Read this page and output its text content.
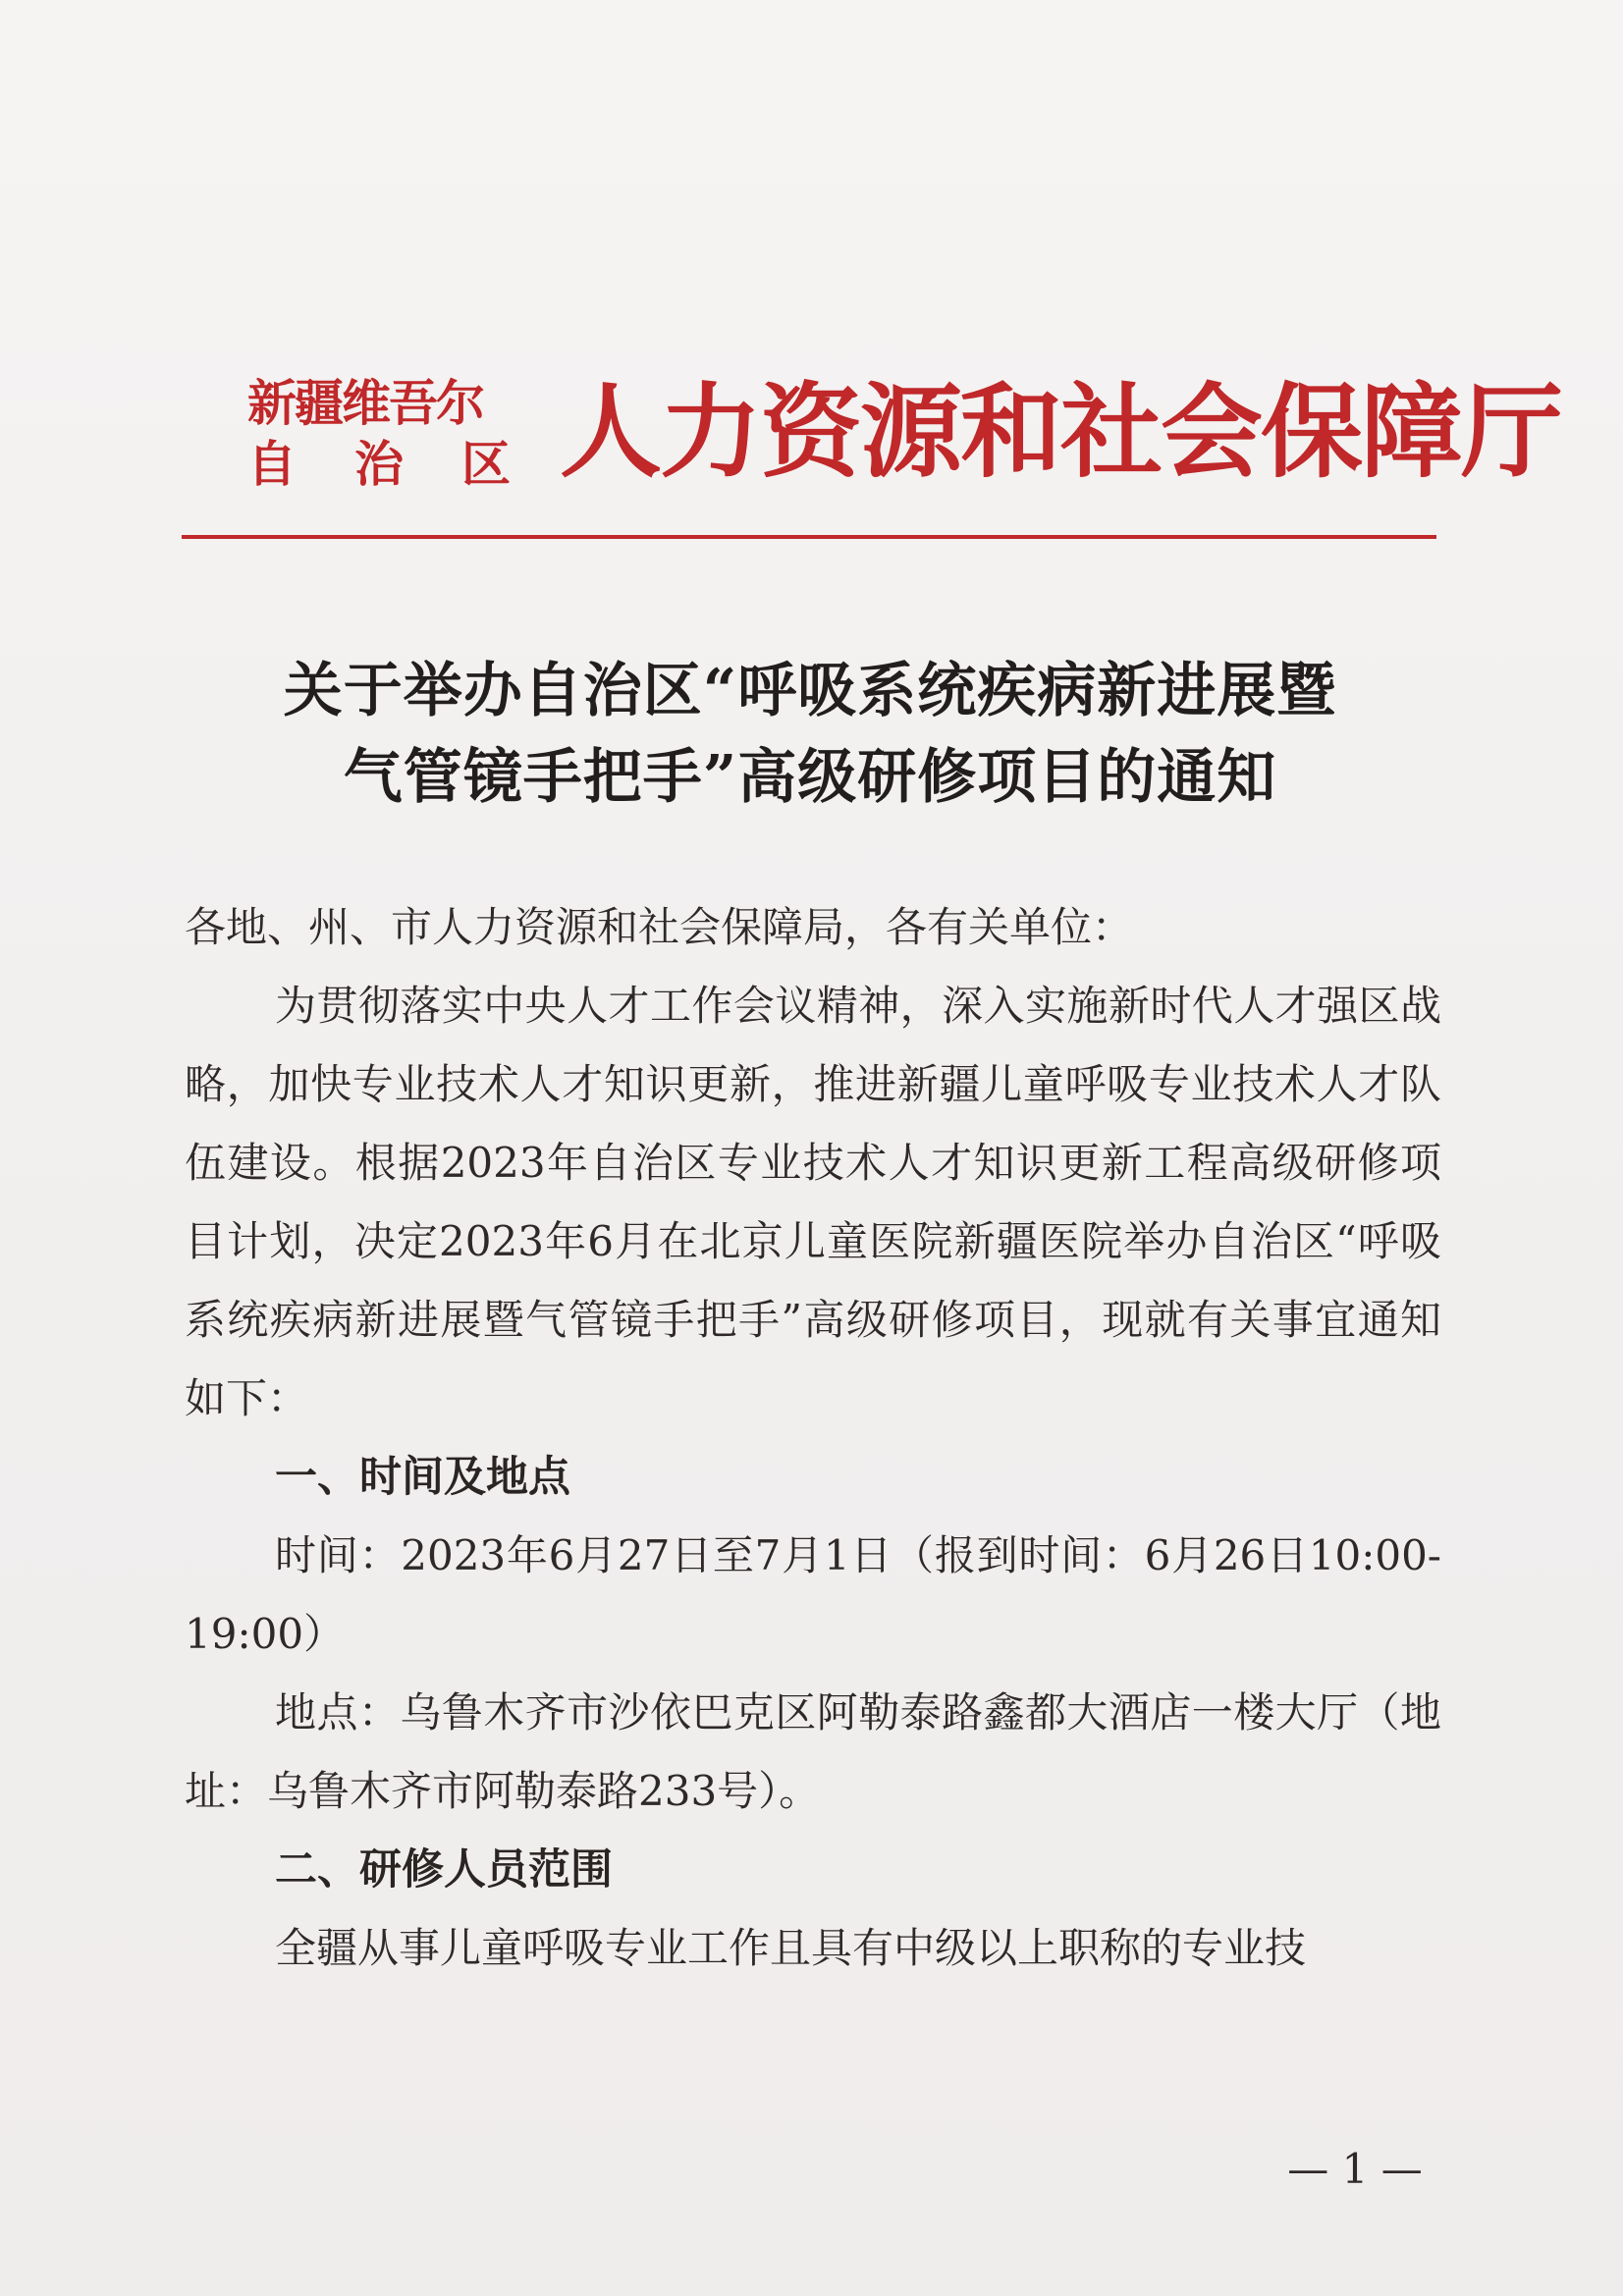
新疆维吾尔
自 治 区 人力资源和社会保障厅
关于举办自治区“呼吸系统疾病新进展暨
气管镜手把手”高级研修项目的通知

各地、州、市人力资源和社会保障局，各有关单位：

为贯彻落实中央人才工作会议精神，深入实施新时代人才强区战略，加快专业技术人才知识更新，推进新疆儿童呼吸专业技术人才队伍建设。根据2023年自治区专业技术人才知识更新工程高级研修项目计划，决定2023年6月在北京儿童医院新疆医院举办自治区“呼吸系统疾病新进展暨气管镜手把手”高级研修项目，现就有关事宜通知如下：

一、时间及地点

时间：2023年6月27日至7月1日（报到时间：6月26日10:00-19:00）

地点：乌鲁木齐市沙依巴克区阿勒泰路鑫都大酒店一楼大厅（地址：乌鲁木齐市阿勒泰路233号）。

二、研修人员范围

全疆从事儿童呼吸专业工作且具有中级以上职称的专业技

— 1 —
